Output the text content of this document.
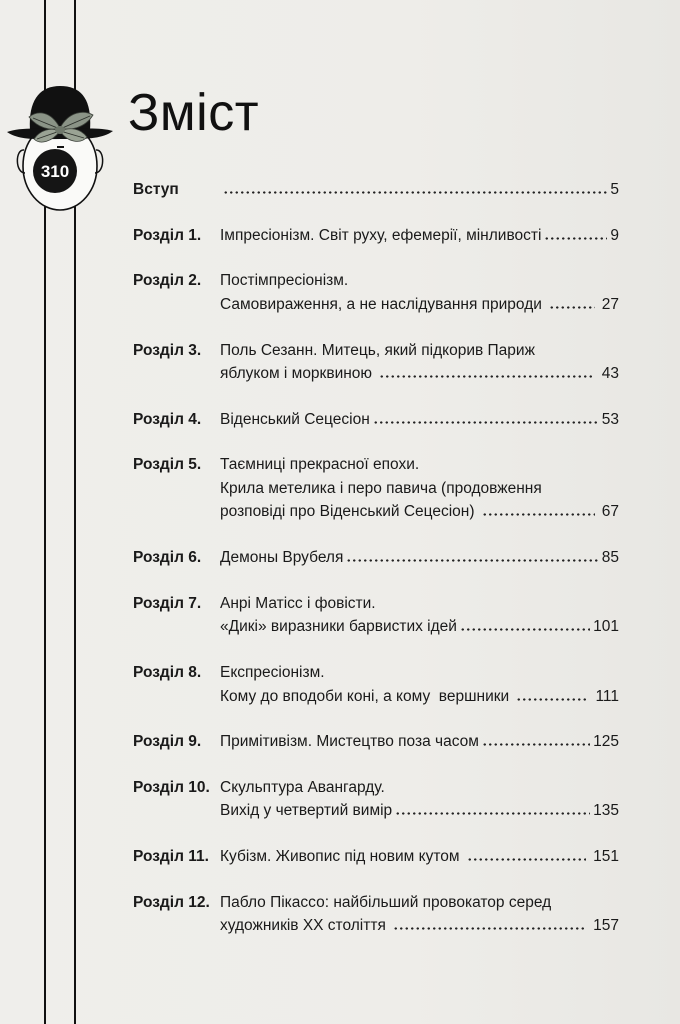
310
Зміст
Вступ	5
Розділ 1.	Імпресіонізм. Світ руху, ефемерії, мінливості	9
Розділ 2.	Постімпресіонізм.
Самовираження, а не наслідування природи	27
Розділ 3.	Поль Сезанн. Митець, який підкорив Париж
яблуком і морквиною	43
Розділ 4.	Віденський Сецесіон	53
Розділ 5.	Таємниці прекрасної епохи.
Крила метелика і перо павича (продовження
розповіді про Віденський Сецесіон)	67
Розділ 6.	Демоны Врубеля	85
Розділ 7.	Анрі Матісс і фовісти.
«Дикі» виразники барвистих ідей	101
Розділ 8.	Експресіонізм.
Кому до вподоби коні, а кому  вершники	111
Розділ 9.	Примітивізм. Мистецтво поза часом	125
Розділ 10. Скульптура Авангарду.
Вихід у четвертий вимір	135
Розділ 11. Кубізм. Живопис під новим кутом	151
Розділ 12. Пабло Пікассо: найбільший провокатор серед
художників XX століття	157
